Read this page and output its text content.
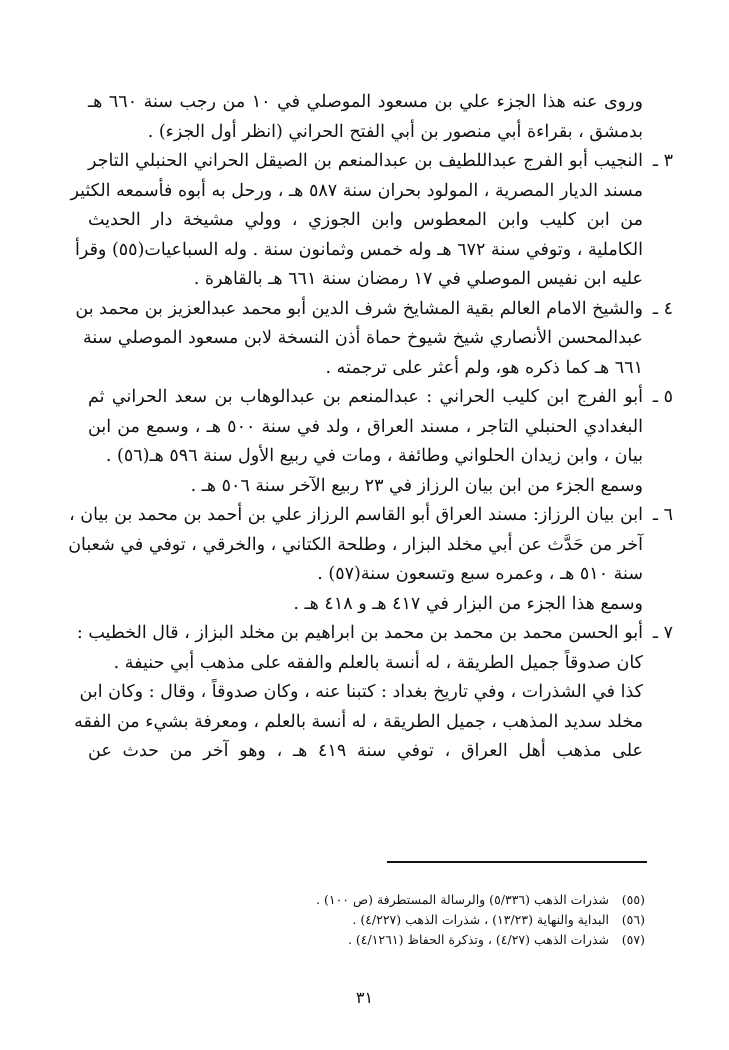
وروى عنه هذا الجزء علي بن مسعود الموصلي في ١٠ من رجب سنة ٦٦٠ هـ
بدمشق ، بقراءة أبي منصور بن أبي الفتح الحراني (انظر أول الجزء) .
٣ ـ
النجيب أبو الفرج عبداللطيف بن عبدالمنعم بن الصيقل الحراني الحنبلي التاجر
مسند الديار المصرية ، المولود بحران سنة ٥٨٧ هـ ، ورحل به أبوه فأسمعه الكثير
من ابن كليب وابن المعطوس وابن الجوزي ، وولي مشيخة دار الحديث
الكاملية ، وتوفي سنة ٦٧٢ هـ وله خمس وثمانون سنة . وله السباعيات(٥٥) وقرأ
عليه ابن نفيس الموصلي في ١٧ رمضان سنة ٦٦١ هـ بالقاهرة .
٤ ـ
والشيخ الامام العالم بقية المشايخ شرف الدين أبو محمد عبدالعزيز بن محمد بن
عبدالمحسن الأنصاري شيخ شيوخ حماة أذن النسخة لابن مسعود الموصلي سنة
٦٦١ هـ كما ذكره هو، ولم أعثر على ترجمته .
٥ ـ
أبو الفرج ابن كليب الحراني : عبدالمنعم بن عبدالوهاب بن سعد الحراني ثم
البغدادي الحنبلي التاجر ، مسند العراق ، ولد في سنة ٥٠٠ هـ ، وسمع من ابن
بيان ، وابن زيدان الحلواني وطائفة ، ومات في ربيع الأول سنة ٥٩٦ هـ(٥٦) .
وسمع الجزء من ابن بيان الرزاز في ٢٣ ربيع الآخر سنة ٥٠٦ هـ .
٦ ـ
ابن بيان الرزاز: مسند العراق أبو القاسم الرزاز علي بن أحمد بن محمد بن بيان ،
آخر من حَدَّث عن أبي مخلد البزار ، وطلحة الكتاني ، والخرقي ، توفي في شعبان
سنة ٥١٠ هـ ، وعمره سبع وتسعون سنة(٥٧) .
وسمع هذا الجزء من البزار في ٤١٧ هـ و ٤١٨ هـ .
٧ ـ
أبو الحسن محمد بن محمد بن محمد بن ابراهيم بن مخلد البزاز ، قال الخطيب :
كان صدوقاً جميل الطريقة ، له أنسة بالعلم والفقه على مذهب أبي حنيفة .
كذا في الشذرات ، وفي تاريخ بغداد : كتبنا عنه ، وكان صدوقاً ، وقال : وكان ابن
مخلد سديد المذهب ، جميل الطريقة ، له أنسة بالعلم ، ومعرفة بشيء من الفقه
على مذهب أهل العراق ، توفي سنة ٤١٩ هـ ، وهو آخر من حدث عن
(٥٥)
شذرات الذهب (٥/٣٣٦) والرسالة المستطرفة (ص ١٠٠) .
(٥٦)
البداية والنهاية (١٣/٢٣) ، شذرات الذهب (٤/٢٢٧) .
(٥٧)
شذرات الذهب (٤/٢٧) ، وتذكرة الحفاظ (٤/١٢٦١) .
٣١
